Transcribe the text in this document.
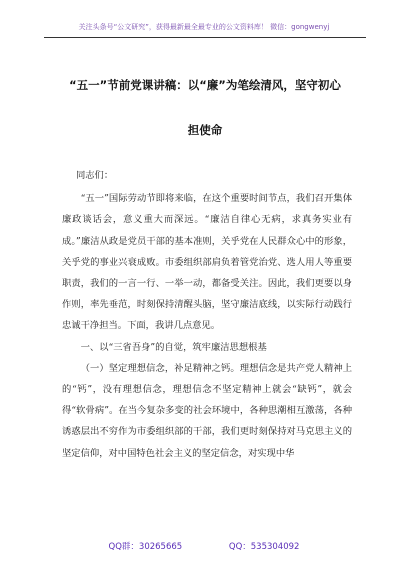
关注头条号“公文研究”，获得最新最全最专业的公文资料库！ 微信：gongwenyj
“五一”节前党课讲稿：以“廉”为笔绘清风，坚守初心
担使命

同志们：

“五一”国际劳动节即将来临，在这个重要时间节点，我们召开集体廉政谈话会，意义重大而深远。“廉洁自律心无病，求真务实业有成。”廉洁从政是党员干部的基本准则，关乎党在人民群众心中的形象，关乎党的事业兴衰成败。市委组织部肩负着管党治党、选人用人等重要职责，我们的一言一行、一举一动，都备受关注。因此，我们更要以身作则，率先垂范，时刻保持清醒头脑，坚守廉洁底线，以实际行动践行忠诚干净担当。下面，我讲几点意见。

一、以“三省吾身”的自觉，筑牢廉洁思想根基

（一）坚定理想信念，补足精神之钙。理想信念是共产党人精神上的“钙”，没有理想信念，理想信念不坚定精神上就会“缺钙”，就会得“软骨病”。在当今复杂多变的社会环境中，各种思潮相互激荡，各种诱惑层出不穷作为市委组织部的干部，我们更时刻保持对马克思主义的坚定信仰，对中国特色社会主义的坚定信念，对实现中华

QQ群：30265665	QQ：535304092
